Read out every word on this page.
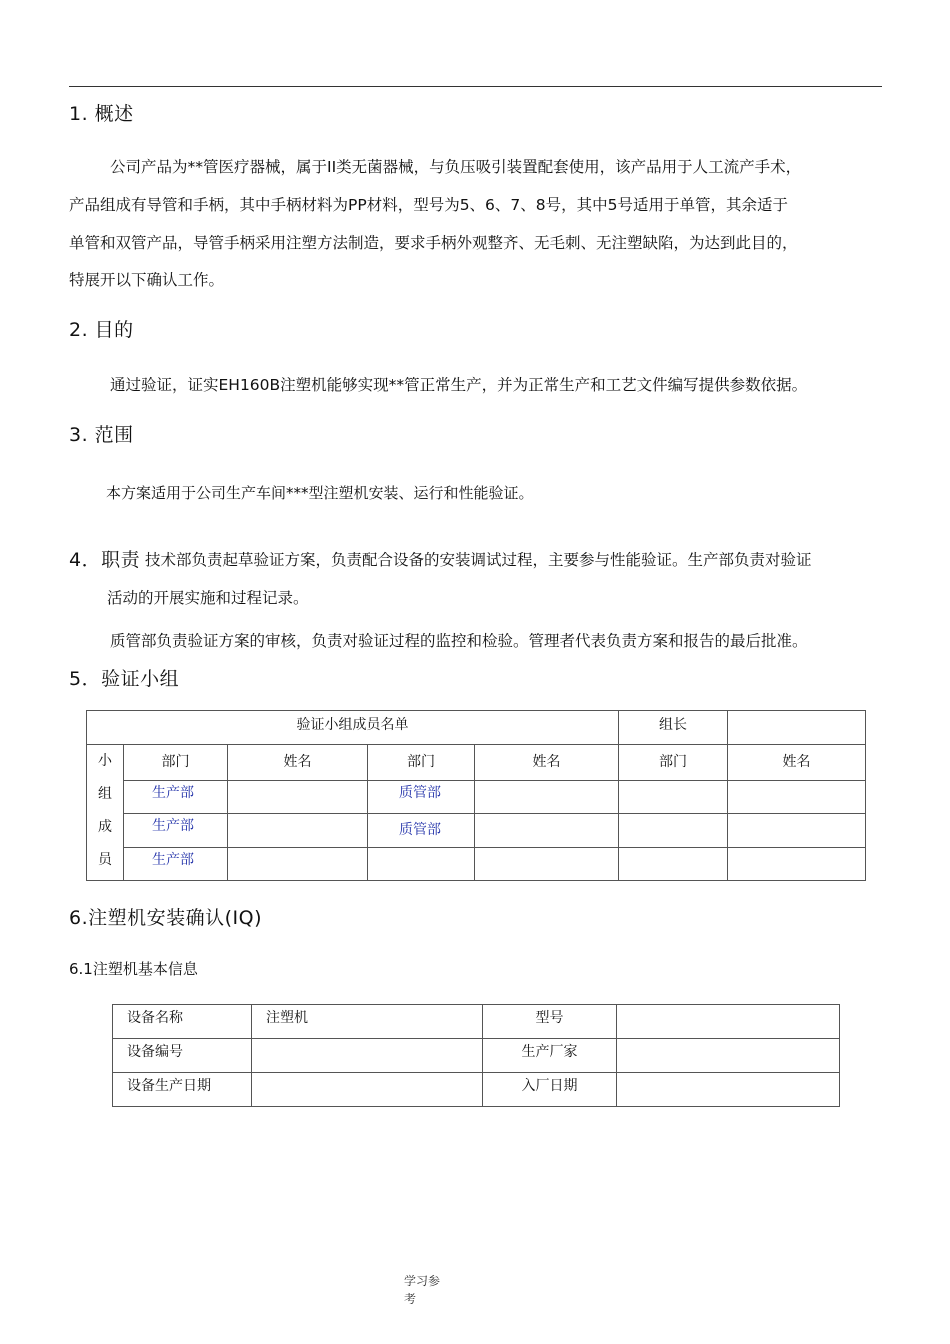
1. 概述
公司产品为**管医疗器械，属于II类无菌器械，与负压吸引装置配套使用，该产品用于人工流产手术，
产品组成有导管和手柄，其中手柄材料为PP材料，型号为5、6、7、8号，其中5号适用于单管，其余适于
单管和双管产品，导管手柄采用注塑方法制造，要求手柄外观整齐、无毛刺、无注塑缺陷，为达到此目的，
特展开以下确认工作。
2. 目的
通过验证，证实EH160B注塑机能够实现**管正常生产，并为正常生产和工艺文件编写提供参数依据。
3. 范围
本方案适用于公司生产车间***型注塑机安装、运行和性能验证。
4．职责 技术部负责起草验证方案，负责配合设备的安装调试过程，主要参与性能验证。生产部负责对验证
活动的开展实施和过程记录。
质管部负责验证方案的审核，负责对验证过程的监控和检验。管理者代表负责方案和报告的最后批准。
5．验证小组
验证小组成员名单					组长	

小
组
成
员	部门	姓名	部门	姓名	部门	姓名
	生产部		质管部			
	生产部		质管部			
	生产部					
6.注塑机安装确认(IQ)
6.1注塑机基本信息
设备名称	注塑机	型号	
设备编号		生产厂家	
设备生产日期		入厂日期	
学习参
考
